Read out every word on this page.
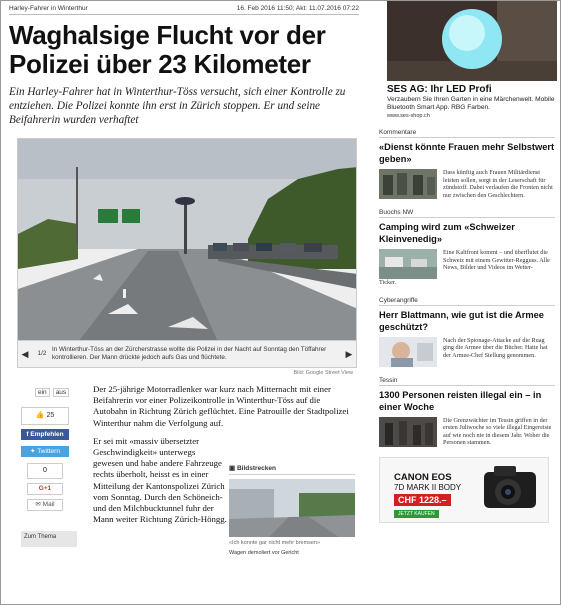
Harley-Fahrer in Winterthur	16. Feb 2016 11:50; Akt: 11.07.2016 07:22
Waghalsige Flucht vor der Polizei über 23 Kilometer

Ein Harley-Fahrer hat in Winterthur-Töss versucht, sich einer Kontrolle zu entziehen. Die Polizei konnte ihn erst in Zürich stoppen. Er und seine Beifahrerin wurden verhaftet

◀	1/2
In Winterthur-Töss an der Zürcherstrasse wollte die Polizei in der Nacht auf Sonntag den Töffahrer kontrollieren. Der Mann drückte jedoch aufs Gas und flüchtete.	▶
Bild: Google Street View
ein	aus
👍 25
f Empfehlen
✦ Twittern
0
G+1
✉ Mail
Zum Thema

Der 25-jährige Motorradlenker war kurz nach Mitternacht mit einer Beifahrerin vor einer Polizeikontrolle in Winterthur-Töss auf die Autobahn in Richtung Zürich geflüchtet. Eine Patrouille der Stadtpolizei Winterthur nahm die Verfolgung auf.

Er sei mit «massiv übersetzter Geschwindigkeit» unterwegs gewesen und habe andere Fahrzeuge rechts überholt, heisst es in einer Mitteilung der Kantonspolizei Zürich vom Sonntag. Durch den Schöneich- und den Milchbucktunnel fuhr der Mann weiter Richtung Zürich-Höngg.

▣ Bildstrecken
«Ich konnte gar nicht mehr bremsen»
Wagen demoliert vor Gericht
SES AG: Ihr LED Profi
Verzaubern Sie Ihren Garten in eine Märchenwelt. Mobile Bluetooth Smart App. RBG Farben.
www.ses-shop.ch
Kommentare
«Dienst könnte Frauen mehr Selbstwert geben»
Dass künftig auch Frauen Militärdienst leisten sollen, sorgt in der Leserschaft für zündstoff. Dabei verlaufen die Fronten nicht nur zwischen den Geschlechtern.
Buochs NW
Camping wird zum «Schweizer Kleinvenedig»
Eine Kaltfront kommt – und überflutet die Schweiz mit einem Gewitter-Regguss. Alle News, Bilder und Videos im Wetter-
Ticker.
Cyberangriffe
Herr Blattmann, wie gut ist die Armee geschützt?
Nach der Spionage-Attacke auf die Ruag ging die Armee über die Bücher. Hatte hat der Armee-Chef Stellung genommen.
Tessin
1300 Personen reisten illegal ein – in einer Woche
Die Grenzwächter im Tessin griffen in der ersten Juliwoche so viele illegal Eingereiste auf wie noch nie in diesem Jahr. Woher die Personen stammen.
CANON EOS
7D MARK II BODY
CHF 1228.–
JETZT KAUFEN
